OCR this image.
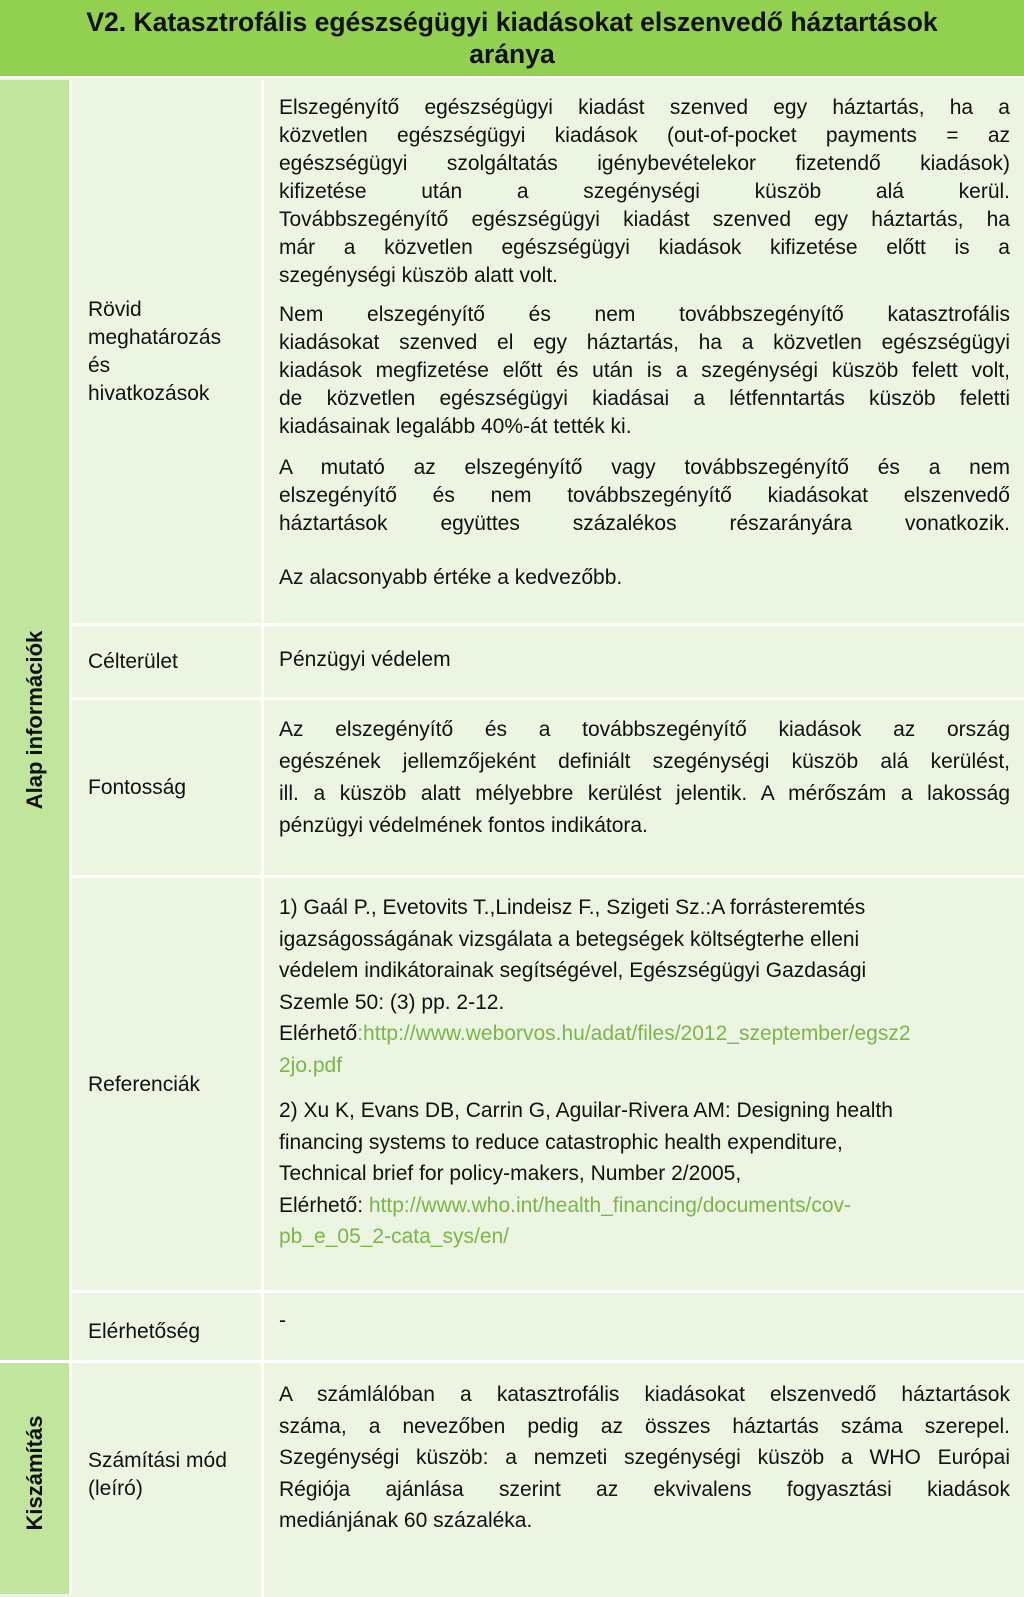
V2. Katasztrofális egészségügyi kiadásokat elszenvedő háztartások
aránya
Alap információk
Kiszámítás
Rövid
meghatározás
és
hivatkozások

Elszegényítő egészségügyi kiadást szenved egy háztartás, ha a

közvetlen egészségügyi kiadások (out-of-pocket payments = az

egészségügyi szolgáltatás igénybevételekor fizetendő kiadások)

kifizetése után a szegénységi küszöb alá kerül.

Továbbszegényítő egészségügyi kiadást szenved egy háztartás, ha

már a közvetlen egészségügyi kiadások kifizetése előtt is a

szegénységi küszöb alatt volt.

Nem elszegényítő és nem továbbszegényítő katasztrofális

kiadásokat szenved el egy háztartás, ha a közvetlen egészségügyi

kiadások megfizetése előtt és után is a szegénységi küszöb felett volt,

de közvetlen egészségügyi kiadásai a létfenntartás küszöb feletti

kiadásainak legalább 40%-át tették ki.

A mutató az elszegényítő vagy továbbszegényítő és a nem

elszegényítő és nem továbbszegényítő kiadásokat elszenvedő

háztartások együttes százalékos részarányára vonatkozik.

Az alacsonyabb értéke a kedvezőbb.

Célterület	Pénzügyi védelem
Fontosság

Az elszegényítő és a továbbszegényítő kiadások az ország

egészének jellemzőjeként definiált szegénységi küszöb alá kerülést,

ill. a küszöb alatt mélyebbre kerülést jelentik. A mérőszám a lakosság

pénzügyi védelmének fontos indikátora.

Referenciák

1) Gaál P., Evetovits T.,Lindeisz F., Szigeti Sz.:A forrásteremtés

igazságosságának vizsgálata a betegségek költségterhe elleni

védelem indikátorainak segítségével, Egészségügyi Gazdasági

Szemle 50: (3) pp. 2-12.

Elérhető:http://www.weborvos.hu/adat/files/2012_szeptember/egsz2

2jo.pdf

2) Xu K, Evans DB, Carrin G, Aguilar-Rivera AM: Designing health

financing systems to reduce catastrophic health expenditure,

Technical brief for policy-makers, Number 2/2005,

Elérhető: http://www.who.int/health_financing/documents/cov-

pb_e_05_2-cata_sys/en/

Elérhetőség	-
Számítási mód
(leíró)

A számlálóban a katasztrofális kiadásokat elszenvedő háztartások

száma, a nevezőben pedig az összes háztartás száma szerepel.

Szegénységi küszöb: a nemzeti szegénységi küszöb a WHO Európai

Régiója ajánlása szerint az ekvivalens fogyasztási kiadások

mediánjának 60 százaléka.
